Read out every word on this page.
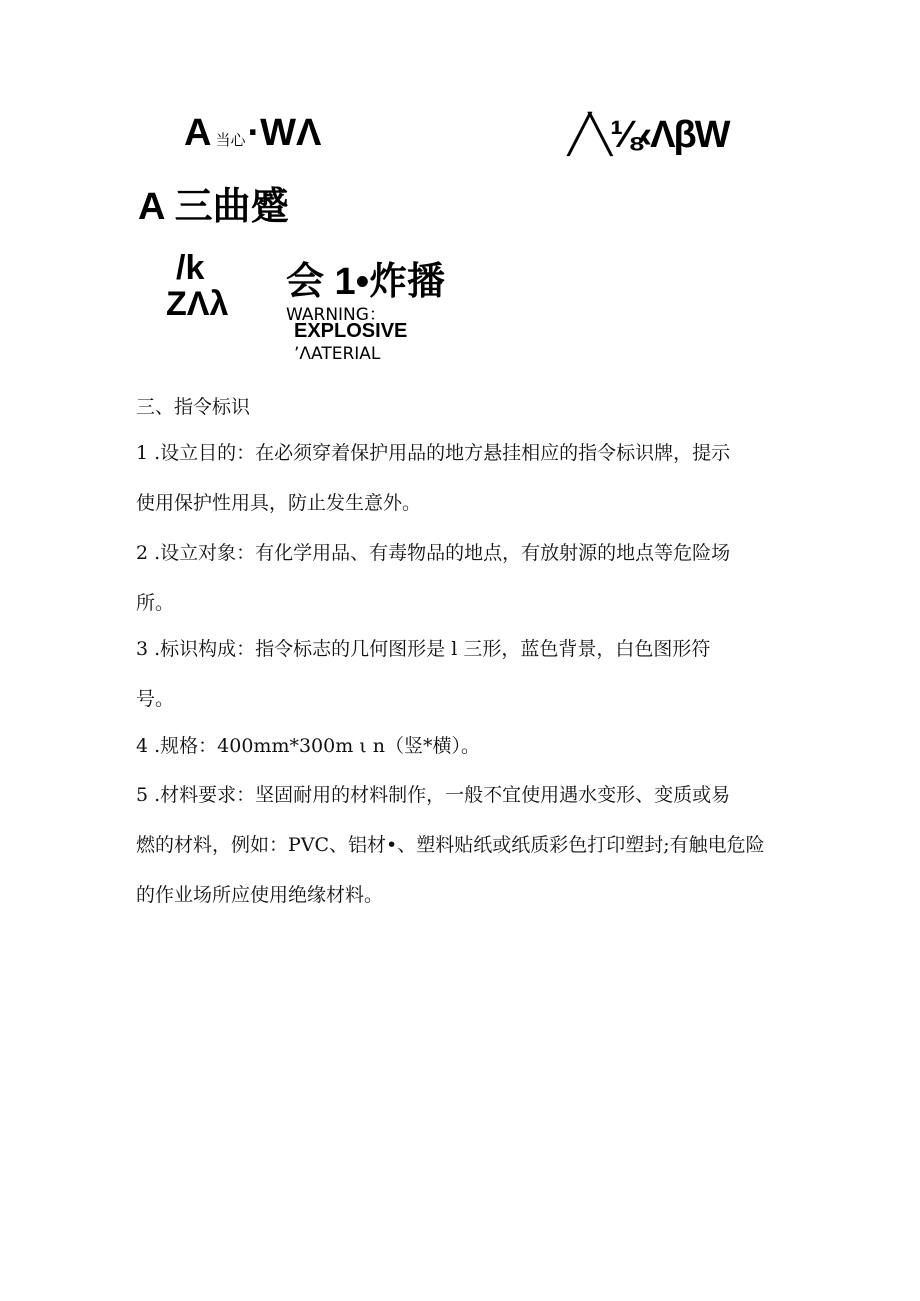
A当心·WΛ	╱╲⅛‹ΛβW
A 三曲蹙
/k
ZΛλ
会 1•炸播
WARNING：
EXPLOSIVE
ʼΛATERIAL
三、指令标识
1 .设立目的：在必须穿着保护用品的地方悬挂相应的指令标识牌，提示
使用保护性用具，防止发生意外。
2 .设立对象：有化学用品、有毒物品的地点，有放射源的地点等危险场
所。
3 .标识构成：指令标志的几何图形是 l 三形，蓝色背景，白色图形符
号。
4 .规格：400mm*300m ι n（竖*横）。
5 .材料要求：坚固耐用的材料制作，一般不宜使用遇水变形、变质或易
燃的材料，例如：PVC、铝材•、塑料贴纸或纸质彩色打印塑封;有触电危险
的作业场所应使用绝缘材料。
